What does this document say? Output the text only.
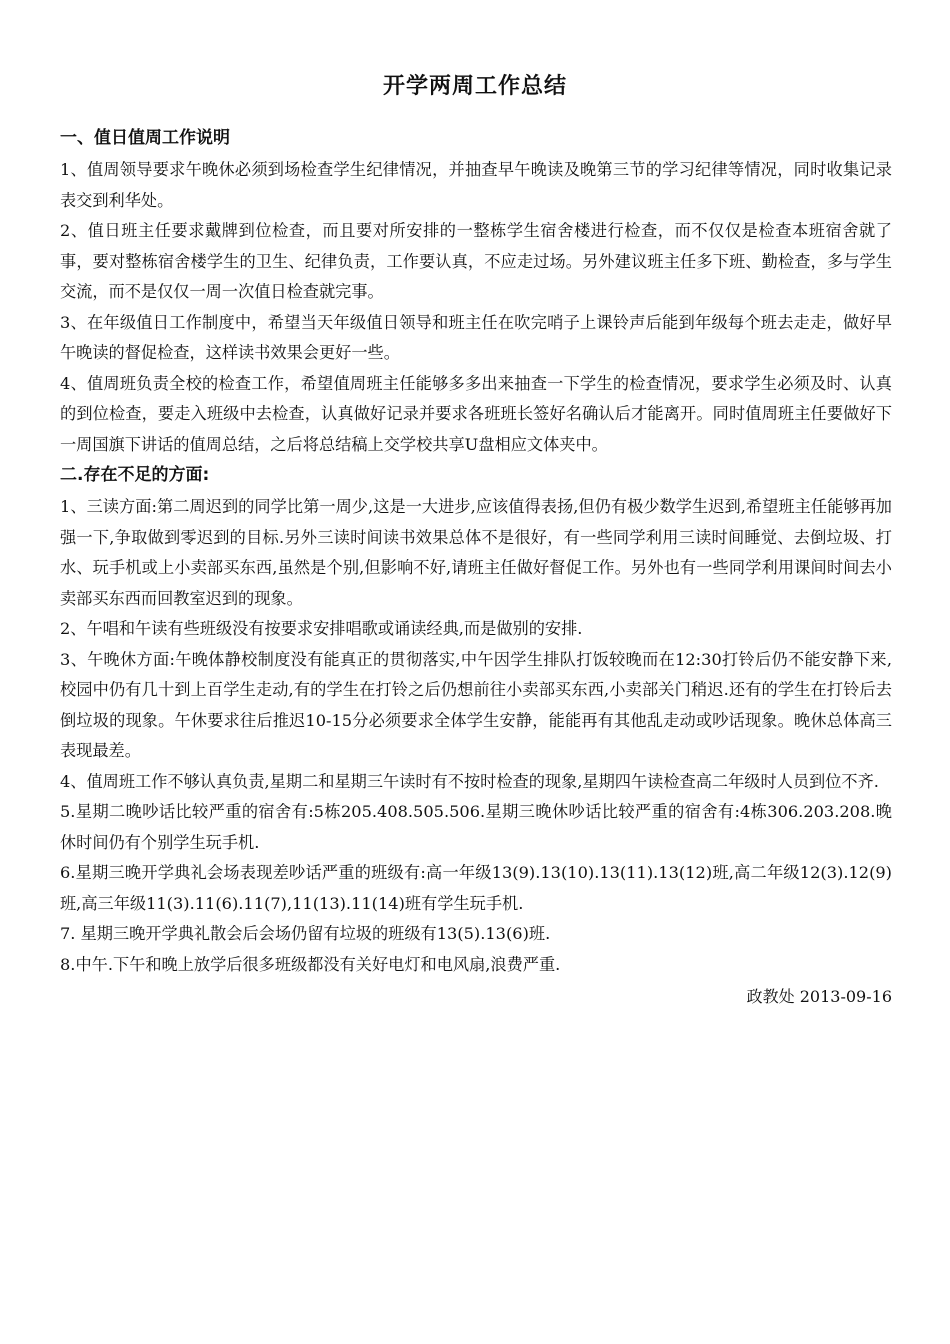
开学两周工作总结
一、值日值周工作说明

1、值周领导要求午晚休必须到场检查学生纪律情况，并抽查早午晚读及晚第三节的学习纪律等情况，同时收集记录表交到利华处。

2、值日班主任要求戴牌到位检查，而且要对所安排的一整栋学生宿舍楼进行检查，而不仅仅是检查本班宿舍就了事，要对整栋宿舍楼学生的卫生、纪律负责，工作要认真，不应走过场。另外建议班主任多下班、勤检查，多与学生交流，而不是仅仅一周一次值日检查就完事。

3、在年级值日工作制度中，希望当天年级值日领导和班主任在吹完哨子上课铃声后能到年级每个班去走走，做好早午晚读的督促检查，这样读书效果会更好一些。

4、值周班负责全校的检查工作，希望值周班主任能够多多出来抽查一下学生的检查情况，要求学生必须及时、认真的到位检查，要走入班级中去检查，认真做好记录并要求各班班长签好名确认后才能离开。同时值周班主任要做好下一周国旗下讲话的值周总结，之后将总结稿上交学校共享U盘相应文体夹中。

二.存在不足的方面:

1、三读方面:第二周迟到的同学比第一周少,这是一大进步,应该值得表扬,但仍有极少数学生迟到,希望班主任能够再加强一下,争取做到零迟到的目标.另外三读时间读书效果总体不是很好，有一些同学利用三读时间睡觉、去倒垃圾、打水、玩手机或上小卖部买东西,虽然是个别,但影响不好,请班主任做好督促工作。另外也有一些同学利用课间时间去小卖部买东西而回教室迟到的现象。

2、午唱和午读有些班级没有按要求安排唱歌或诵读经典,而是做别的安排.

3、午晚休方面:午晚体静校制度没有能真正的贯彻落实,中午因学生排队打饭较晚而在12:30打铃后仍不能安静下来,校园中仍有几十到上百学生走动,有的学生在打铃之后仍想前往小卖部买东西,小卖部关门稍迟.还有的学生在打铃后去倒垃圾的现象。午休要求往后推迟10-15分必须要求全体学生安静，能能再有其他乱走动或吵话现象。晚休总体高三表现最差。

4、值周班工作不够认真负责,星期二和星期三午读时有不按时检查的现象,星期四午读检查高二年级时人员到位不齐.

5.星期二晚吵话比较严重的宿舍有:5栋205.408.505.506.星期三晚休吵话比较严重的宿舍有:4栋306.203.208.晚休时间仍有个别学生玩手机.

6.星期三晚开学典礼会场表现差吵话严重的班级有:高一年级13(9).13(10).13(11).13(12)班,高二年级12(3).12(9)班,高三年级11(3).11(6).11(7),11(13).11(14)班有学生玩手机.

7. 星期三晚开学典礼散会后会场仍留有垃圾的班级有13(5).13(6)班.

8.中午.下午和晚上放学后很多班级都没有关好电灯和电风扇,浪费严重.

政教处 2013-09-16
